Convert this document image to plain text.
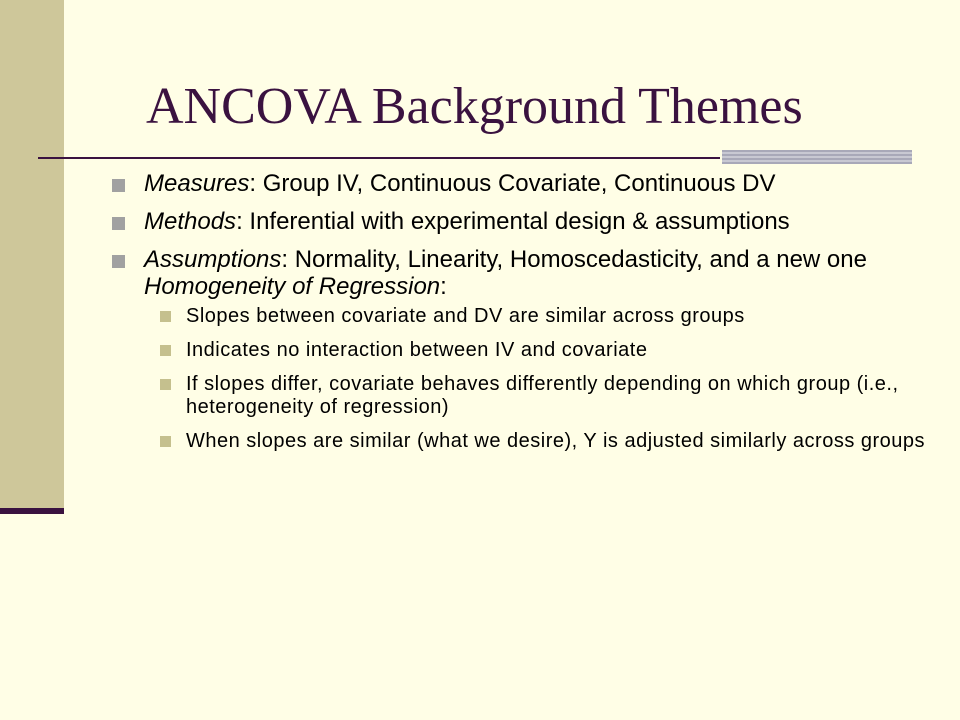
ANCOVA Background Themes
Measures: Group IV, Continuous Covariate, Continuous DV
Methods: Inferential with experimental design & assumptions
Assumptions: Normality, Linearity, Homoscedasticity, and a new one Homogeneity of Regression:
Slopes between covariate and DV are similar across groups
Indicates no interaction between IV and covariate
If slopes differ, covariate behaves differently depending on which group (i.e., heterogeneity of regression)
When slopes are similar (what we desire), Y is adjusted similarly across groups
